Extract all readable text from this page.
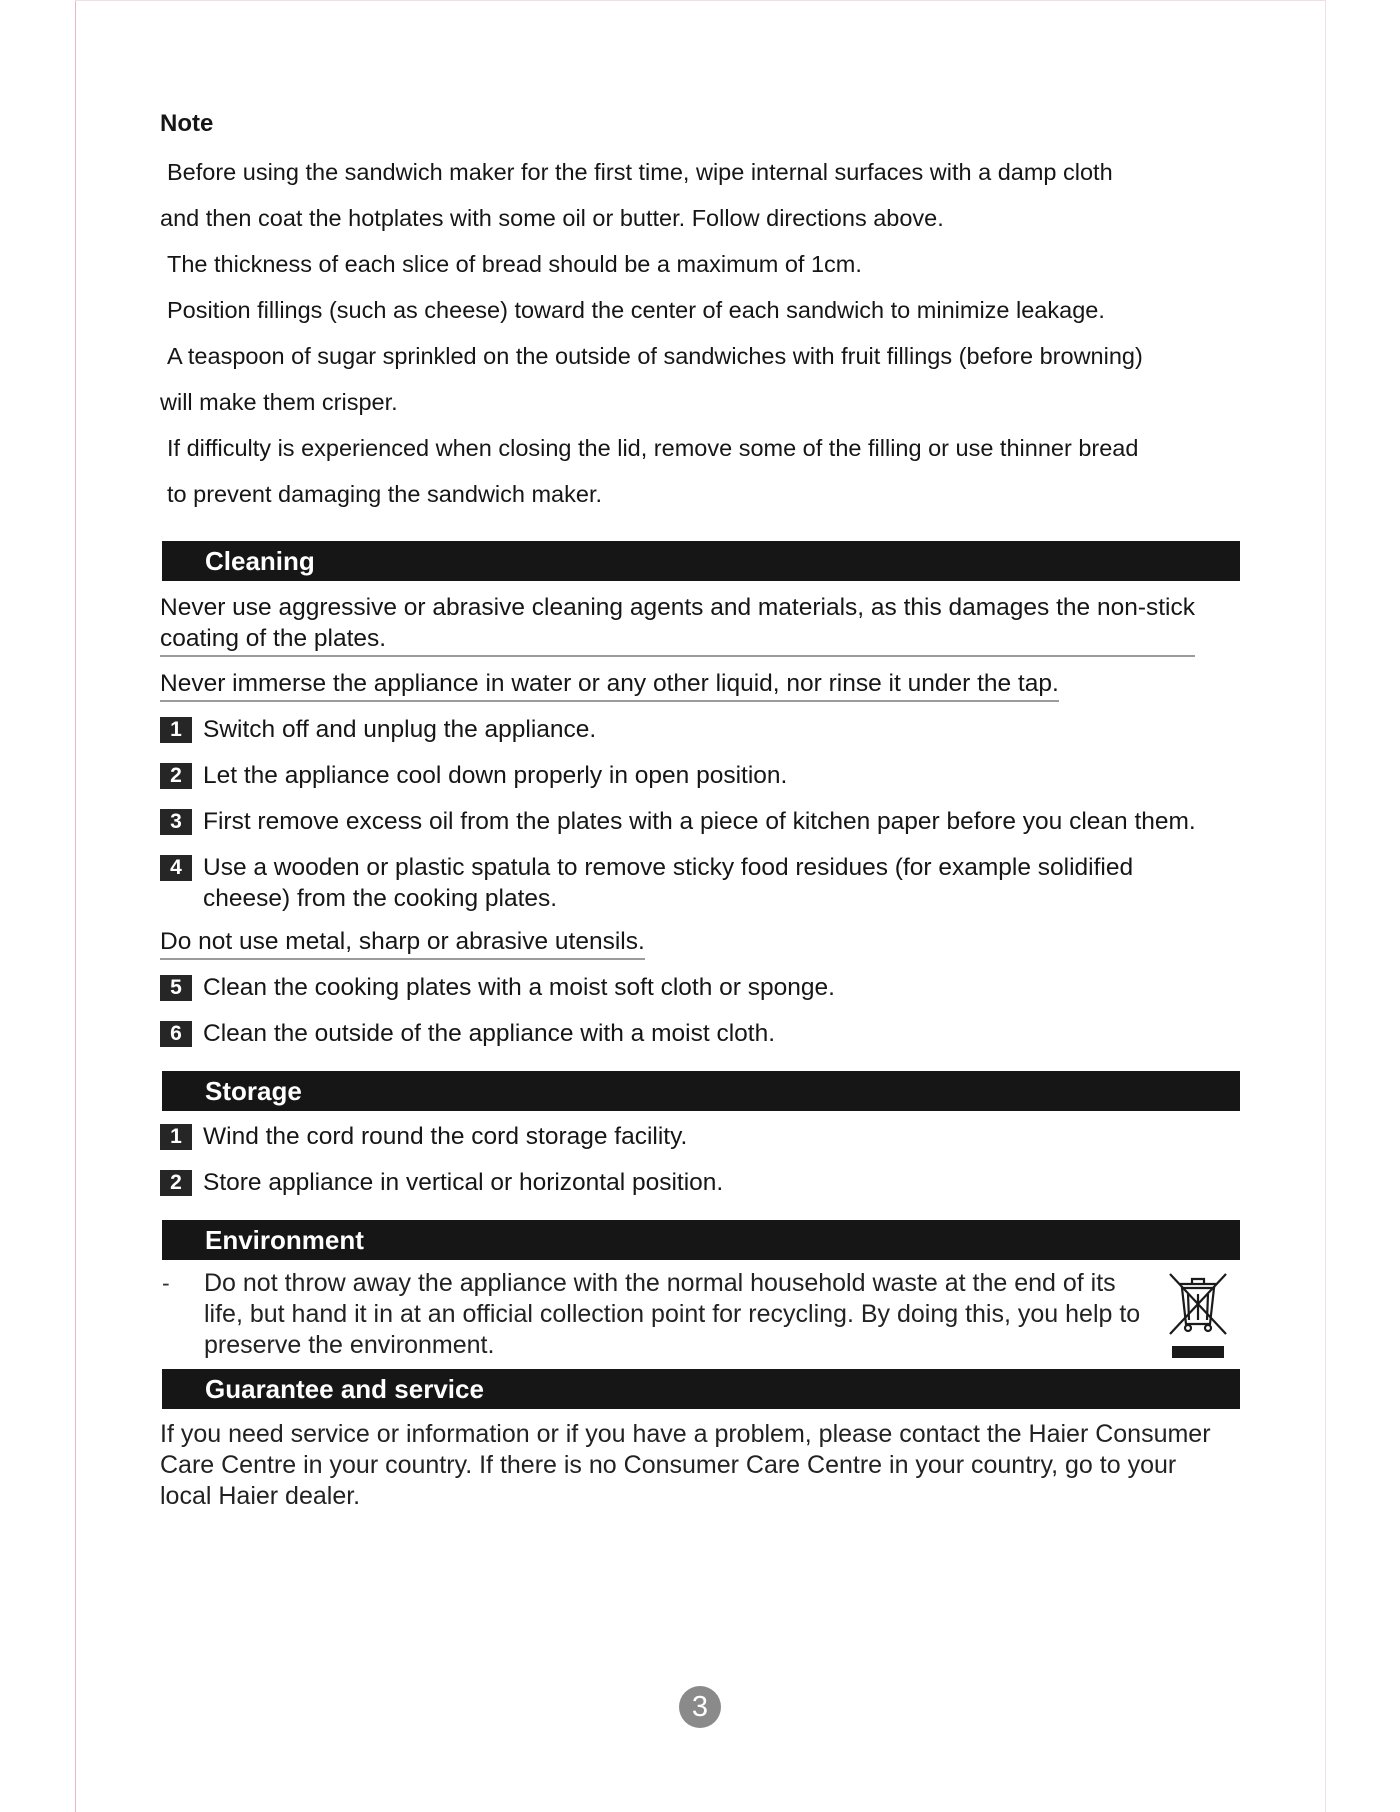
Note
Before using the sandwich maker for the first time, wipe internal surfaces with a damp cloth
and then coat the hotplates with some oil or butter. Follow directions above.
The thickness of each slice of bread should be a maximum of 1cm.
Position fillings (such as cheese) toward the center of each sandwich to minimize leakage.
A teaspoon of sugar sprinkled on the outside of sandwiches with fruit fillings (before browning)
will make them crisper.
If difficulty is experienced when closing the lid, remove some of the filling or use thinner bread
to prevent damaging the sandwich maker.
Cleaning
Never use aggressive or abrasive cleaning agents and materials, as this damages the non-stick coating of the plates.
Never immerse the appliance in water or any other liquid, nor rinse it under the tap.
1 Switch off and unplug the appliance.
2 Let the appliance cool down properly in open position.
3 First remove excess oil from the plates with a piece of kitchen paper before you clean them.
4 Use a wooden or plastic spatula to remove sticky food residues (for example solidified cheese) from the cooking plates.
Do not use metal, sharp or abrasive utensils.
5 Clean the cooking plates with a moist soft cloth or sponge.
6 Clean the outside of the appliance with a moist cloth.
Storage
1 Wind the cord round the cord storage facility.
2 Store appliance in vertical or horizontal position.
Environment
-	Do not throw away the appliance with the normal household waste at the end of its life, but hand it in at an official collection point for recycling. By doing this, you help to preserve the environment.
Guarantee and service
If you need service or information or if you have a problem, please contact the Haier Consumer Care Centre in your country. If there is no Consumer Care Centre in your country, go to your local Haier dealer.
3
